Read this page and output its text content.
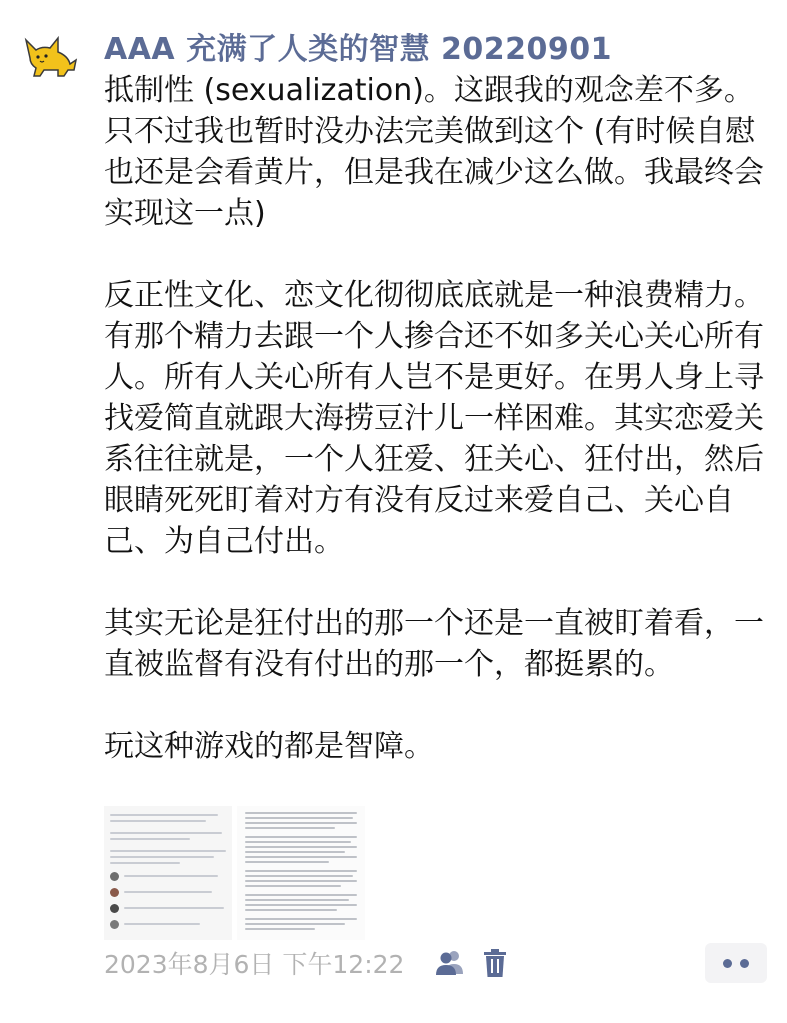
AAA 充满了人类的智慧 20220901

抵制性 (sexualization)。这跟我的观念差不多。只不过我也暂时没办法完美做到这个 (有时候自慰也还是会看黄片，但是我在减少这么做。我最终会实现这一点)

反正性文化、恋文化彻彻底底就是一种浪费精力。有那个精力去跟一个人掺合还不如多关心关心所有人。所有人关心所有人岂不是更好。在男人身上寻找爱简直就跟大海捞豆汁儿一样困难。其实恋爱关系往往就是，一个人狂爱、狂关心、狂付出，然后眼睛死死盯着对方有没有反过来爱自己、关心自己、为自己付出。

其实无论是狂付出的那一个还是一直被盯着看，一直被监督有没有付出的那一个，都挺累的。

玩这种游戏的都是智障。

2023年8月6日 下午12:22
